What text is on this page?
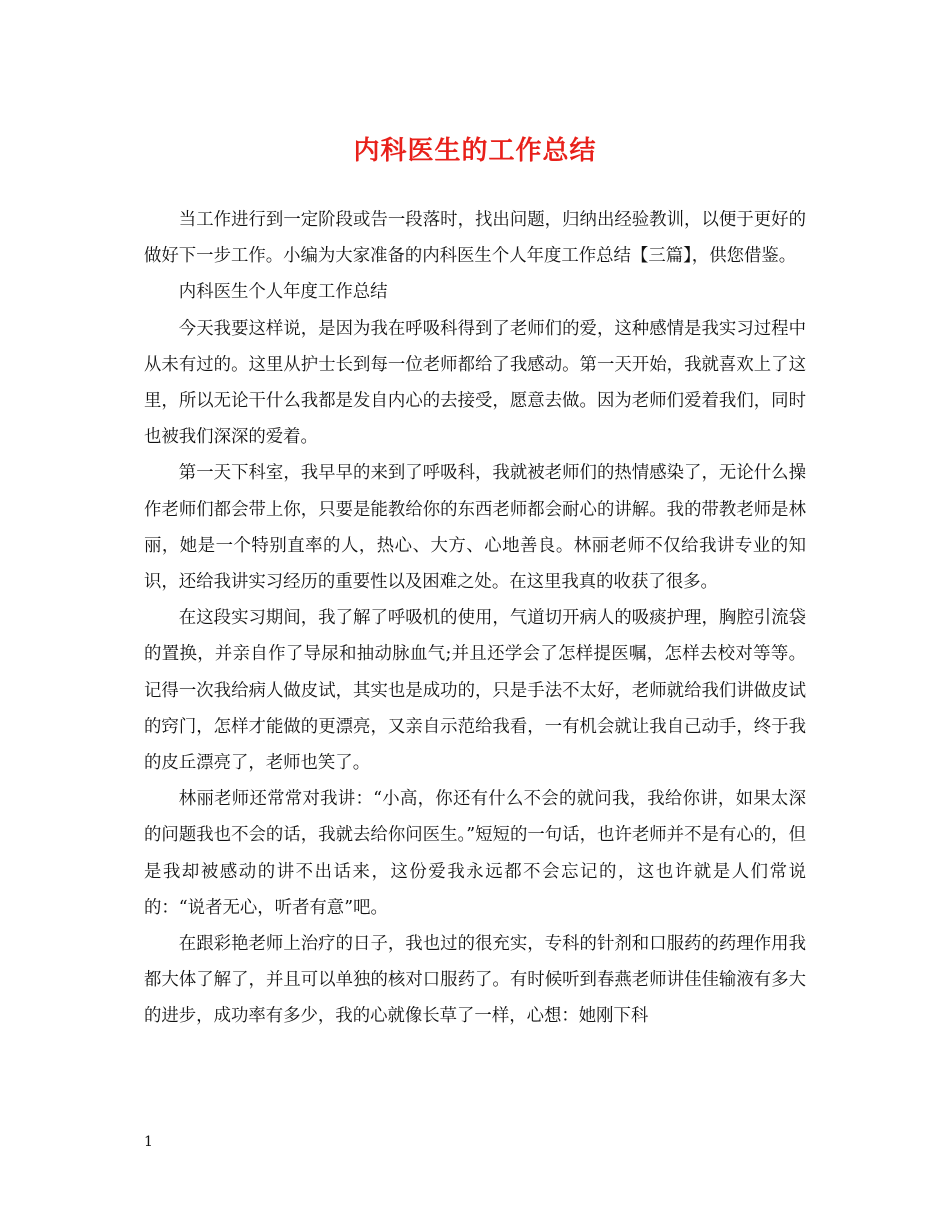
内科医生的工作总结

当工作进行到一定阶段或告一段落时，找出问题，归纳出经验教训，以便于更好的做好下一步工作。小编为大家准备的内科医生个人年度工作总结【三篇】，供您借鉴。

内科医生个人年度工作总结

今天我要这样说，是因为我在呼吸科得到了老师们的爱，这种感情是我实习过程中从未有过的。这里从护士长到每一位老师都给了我感动。第一天开始，我就喜欢上了这里，所以无论干什么我都是发自内心的去接受，愿意去做。因为老师们爱着我们，同时也被我们深深的爱着。

第一天下科室，我早早的来到了呼吸科，我就被老师们的热情感染了，无论什么操作老师们都会带上你，只要是能教给你的东西老师都会耐心的讲解。我的带教老师是林丽，她是一个特别直率的人，热心、大方、心地善良。林丽老师不仅给我讲专业的知识，还给我讲实习经历的重要性以及困难之处。在这里我真的收获了很多。

在这段实习期间，我了解了呼吸机的使用，气道切开病人的吸痰护理，胸腔引流袋的置换，并亲自作了导尿和抽动脉血气;并且还学会了怎样提医嘱，怎样去校对等等。记得一次我给病人做皮试，其实也是成功的，只是手法不太好，老师就给我们讲做皮试的窍门，怎样才能做的更漂亮，又亲自示范给我看，一有机会就让我自己动手，终于我的皮丘漂亮了，老师也笑了。

林丽老师还常常对我讲：“小高，你还有什么不会的就问我，我给你讲，如果太深的问题我也不会的话，我就去给你问医生。”短短的一句话，也许老师并不是有心的，但是我却被感动的讲不出话来，这份爱我永远都不会忘记的，这也许就是人们常说的：“说者无心，听者有意”吧。

在跟彩艳老师上治疗的日子，我也过的很充实，专科的针剂和口服药的药理作用我都大体了解了，并且可以单独的核对口服药了。有时候听到春燕老师讲佳佳输液有多大的进步，成功率有多少，我的心就像长草了一样，心想：她刚下科

1
